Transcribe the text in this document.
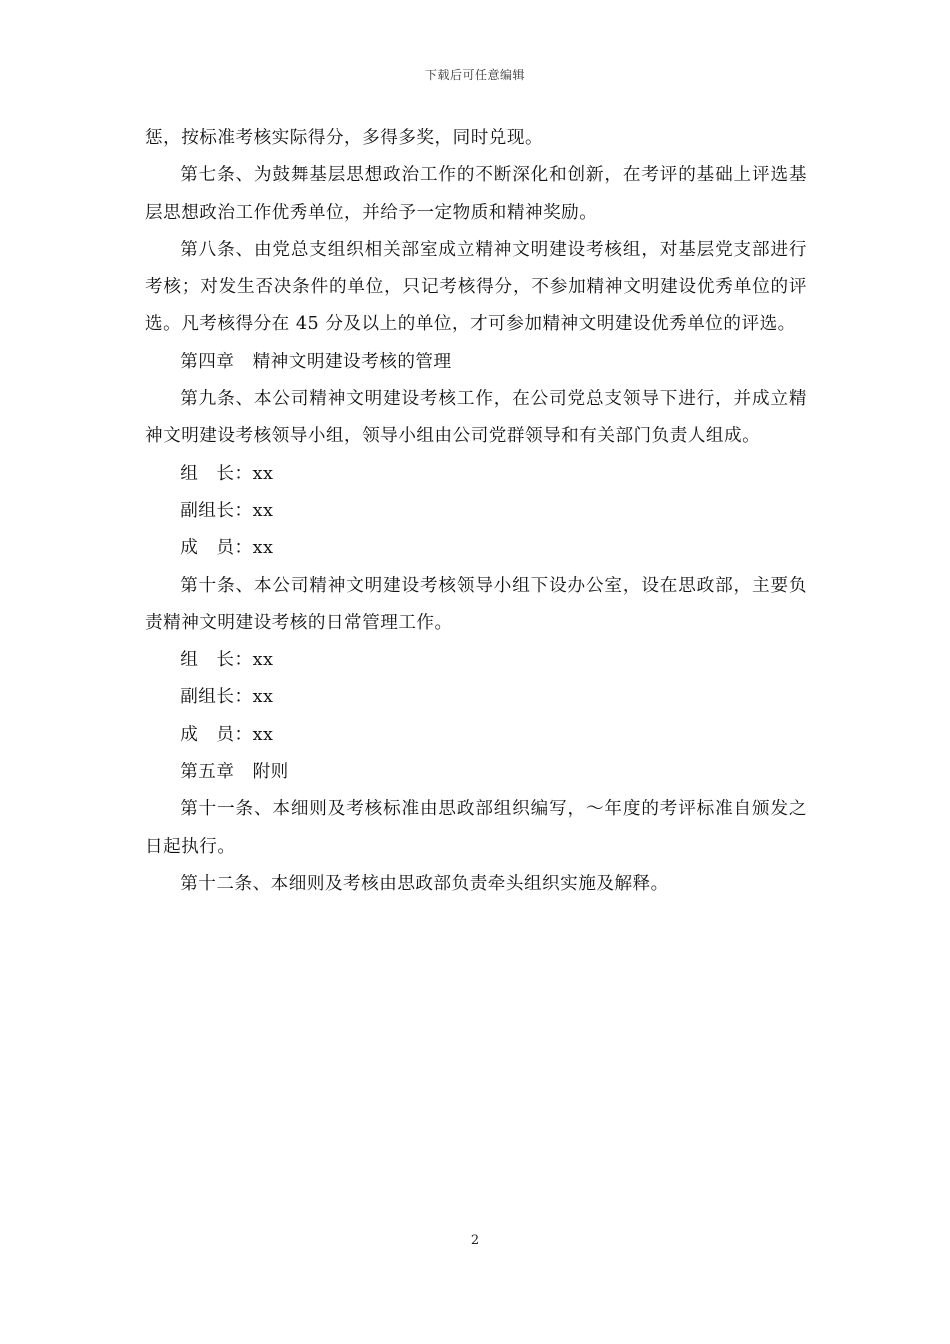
下载后可任意编辑

惩，按标准考核实际得分，多得多奖，同时兑现。

第七条、为鼓舞基层思想政治工作的不断深化和创新，在考评的基础上评选基层思想政治工作优秀单位，并给予一定物质和精神奖励。

第八条、由党总支组织相关部室成立精神文明建设考核组，对基层党支部进行考核；对发生否决条件的单位，只记考核得分，不参加精神文明建设优秀单位的评选。凡考核得分在 45 分及以上的单位，才可参加精神文明建设优秀单位的评选。

第四章　精神文明建设考核的管理

第九条、本公司精神文明建设考核工作，在公司党总支领导下进行，并成立精神文明建设考核领导小组，领导小组由公司党群领导和有关部门负责人组成。

组　长：xx

副组长：xx

成　员：xx

第十条、本公司精神文明建设考核领导小组下设办公室，设在思政部，主要负责精神文明建设考核的日常管理工作。

组　长：xx

副组长：xx

成　员：xx

第五章　附则

第十一条、本细则及考核标准由思政部组织编写，～年度的考评标准自颁发之日起执行。

第十二条、本细则及考核由思政部负责牵头组织实施及解释。

2
